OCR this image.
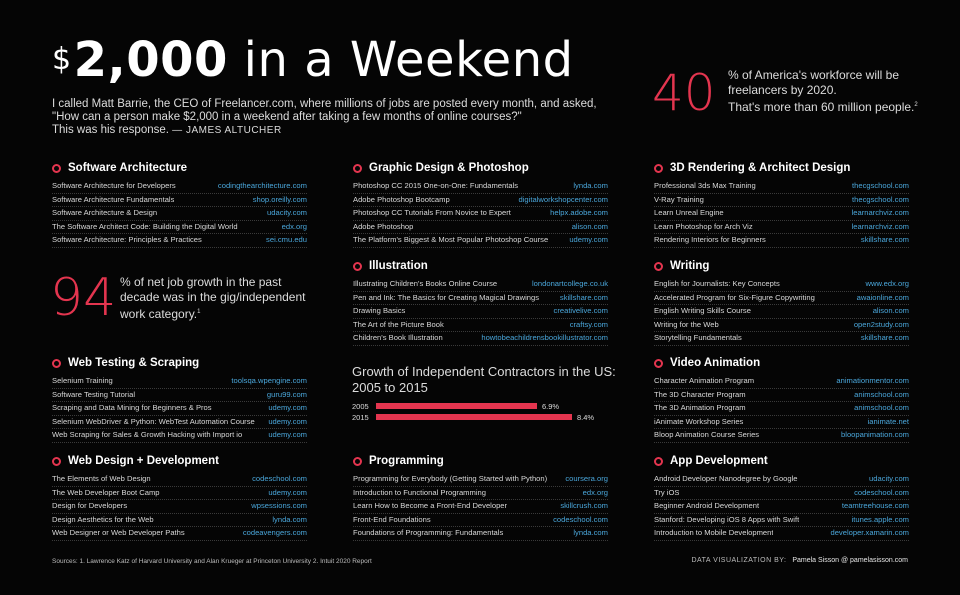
$2,000 in a Weekend
I called Matt Barrie, the CEO of Freelancer.com, where millions of jobs are posted every month, and asked,
"How can a person make $2,000 in a weekend after taking a few months of online courses?"
This was his response. — JAMES ALTUCHER
40 % of America's workforce will be
freelancers by 2020.
That's more than 60 million people.$^2$
94 % of net job growth in the past
decade was in the gig/independent
work category.$^1$
Software Architecture
Software Architecture for Developers	codingthearchitecture.com
Software Architecture Fundamentals	shop.oreilly.com
Software Architecture & Design	udacity.com
The Software Architect Code: Building the Digital World	edx.org
Software Architecture: Principles & Practices	sei.cmu.edu
Graphic Design & Photoshop
Photoshop CC 2015 One-on-One: Fundamentals	lynda.com
Adobe Photoshop Bootcamp	digitalworkshopcenter.com
Photoshop CC Tutorials From Novice to Expert	helpx.adobe.com
Adobe Photoshop	alison.com
The Platform's Biggest & Most Popular Photoshop Course	udemy.com
3D Rendering & Architect Design
Professional 3ds Max Training	thecgschool.com
V-Ray Training	thecgschool.com
Learn Unreal Engine	learnarchviz.com
Learn Photoshop for Arch Viz	learnarchviz.com
Rendering Interiors for Beginners	skillshare.com
Illustration
Illustrating Children's Books Online Course	londonartcollege.co.uk
Pen and Ink: The Basics for Creating Magical Drawings	skillshare.com
Drawing Basics	creativelive.com
The Art of the Picture Book	craftsy.com
Children's Book Illustration	howtobeachildrensbookillustrator.com
Writing
English for Journalists: Key Concepts	www.edx.org
Accelerated Program for Six-Figure Copywriting	awaionline.com
English Writing Skills Course	alison.com
Writing for the Web	open2study.com
Storytelling Fundamentals	skillshare.com
Web Testing & Scraping
Selenium Training	toolsqa.wpengine.com
Software Testing Tutorial	guru99.com
Scraping and Data Mining for Beginners & Pros	udemy.com
Selenium WebDriver & Python: WebTest Automation Course udemy.com
Web Scraping for Sales & Growth Hacking with Import io	udemy.com
Video Animation
Character Animation Program	animationmentor.com
The 3D Character Program	animschool.com
The 3D Animation Program	animschool.com
iAnimate Workshop Series	ianimate.net
Bloop Animation Course Series	bloopanimation.com
Web Design + Development
The Elements of Web Design	codeschool.com
The Web Developer Boot Camp	udemy.com
Design for Developers	wpsessions.com
Design Aesthetics for the Web	lynda.com
Web Designer or Web Developer Paths	codeavengers.com
Programming
Programming for Everybody (Getting Started with Python) coursera.org
Introduction to Functional Programming	edx.org
Learn How to Become a Front-End Developer	skillcrush.com
Front-End Foundations	codeschool.com
Foundations of Programming: Fundamentals	lynda.com
App Development
Android Developer Nanodegree by Google	udacity.com
Try iOS	codeschool.com
Beginner Android Development	teamtreehouse.com
Stanford: Developing iOS 8 Apps with Swift	itunes.apple.com
Introduction to Mobile Development	developer.xamarin.com
Growth of Independent Contractors in the US:
2005 to 2015
2005	6.9%
2015	8.4%
Sources: 1. Lawrence Katz of Harvard University and Alan Krueger at Princeton University 2. Intuit 2020 Report	DATA VISUALIZATION BY: Pamela Sisson @ pamelasisson.com
